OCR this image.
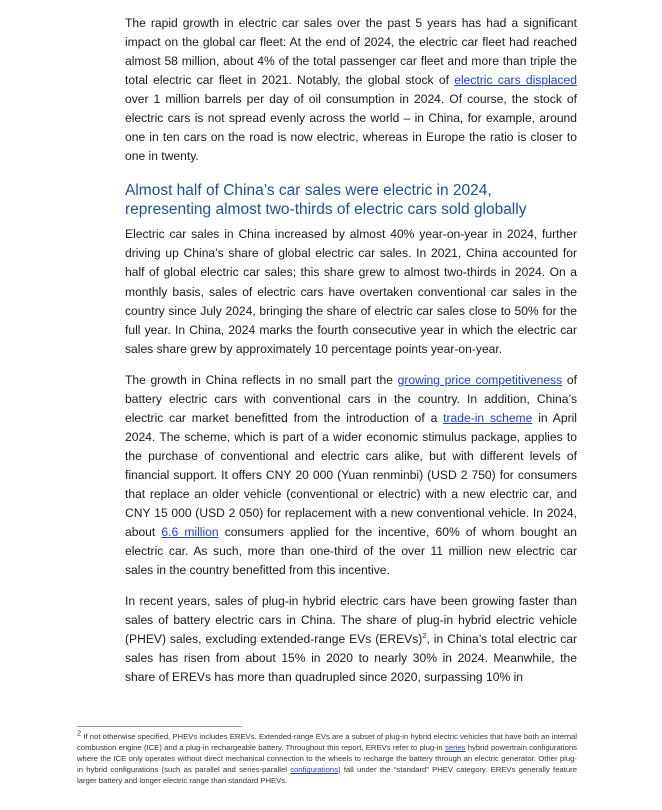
The rapid growth in electric car sales over the past 5 years has had a significant impact on the global car fleet: At the end of 2024, the electric car fleet had reached almost 58 million, about 4% of the total passenger car fleet and more than triple the total electric car fleet in 2021. Notably, the global stock of electric cars displaced over 1 million barrels per day of oil consumption in 2024. Of course, the stock of electric cars is not spread evenly across the world – in China, for example, around one in ten cars on the road is now electric, whereas in Europe the ratio is closer to one in twenty.

Almost half of China’s car sales were electric in 2024, representing almost two-thirds of electric cars sold globally

Electric car sales in China increased by almost 40% year-on-year in 2024, further driving up China’s share of global electric car sales. In 2021, China accounted for half of global electric car sales; this share grew to almost two-thirds in 2024. On a monthly basis, sales of electric cars have overtaken conventional car sales in the country since July 2024, bringing the share of electric car sales close to 50% for the full year. In China, 2024 marks the fourth consecutive year in which the electric car sales share grew by approximately 10 percentage points year-on-year.

The growth in China reflects in no small part the growing price competitiveness of battery electric cars with conventional cars in the country. In addition, China’s electric car market benefitted from the introduction of a trade-in scheme in April 2024. The scheme, which is part of a wider economic stimulus package, applies to the purchase of conventional and electric cars alike, but with different levels of financial support. It offers CNY 20 000 (Yuan renminbi) (USD 2 750) for consumers that replace an older vehicle (conventional or electric) with a new electric car, and CNY 15 000 (USD 2 050) for replacement with a new conventional vehicle. In 2024, about 6.6 million consumers applied for the incentive, 60% of whom bought an electric car. As such, more than one-third of the over 11 million new electric car sales in the country benefitted from this incentive.

In recent years, sales of plug-in hybrid electric cars have been growing faster than sales of battery electric cars in China. The share of plug-in hybrid electric vehicle (PHEV) sales, excluding extended-range EVs (EREVs)$^2$, in China’s total electric car sales has risen from about 15% in 2020 to nearly 30% in 2024. Meanwhile, the share of EREVs has more than quadrupled since 2020, surpassing 10% in

$^2$ If not otherwise specified, PHEVs includes EREVs. Extended-range EVs are a subset of plug-in hybrid electric vehicles that have both an internal combustion engine (ICE) and a plug-in rechargeable battery. Throughout this report, EREVs refer to plug-in series hybrid powertrain configurations where the ICE only operates without direct mechanical connection to the wheels to recharge the battery through an electric generator. Other plug-in hybrid configurations (such as parallel and series-parallel configurations) fall under the “standard” PHEV category. EREVs generally feature larger battery and longer electric range than standard PHEVs.
